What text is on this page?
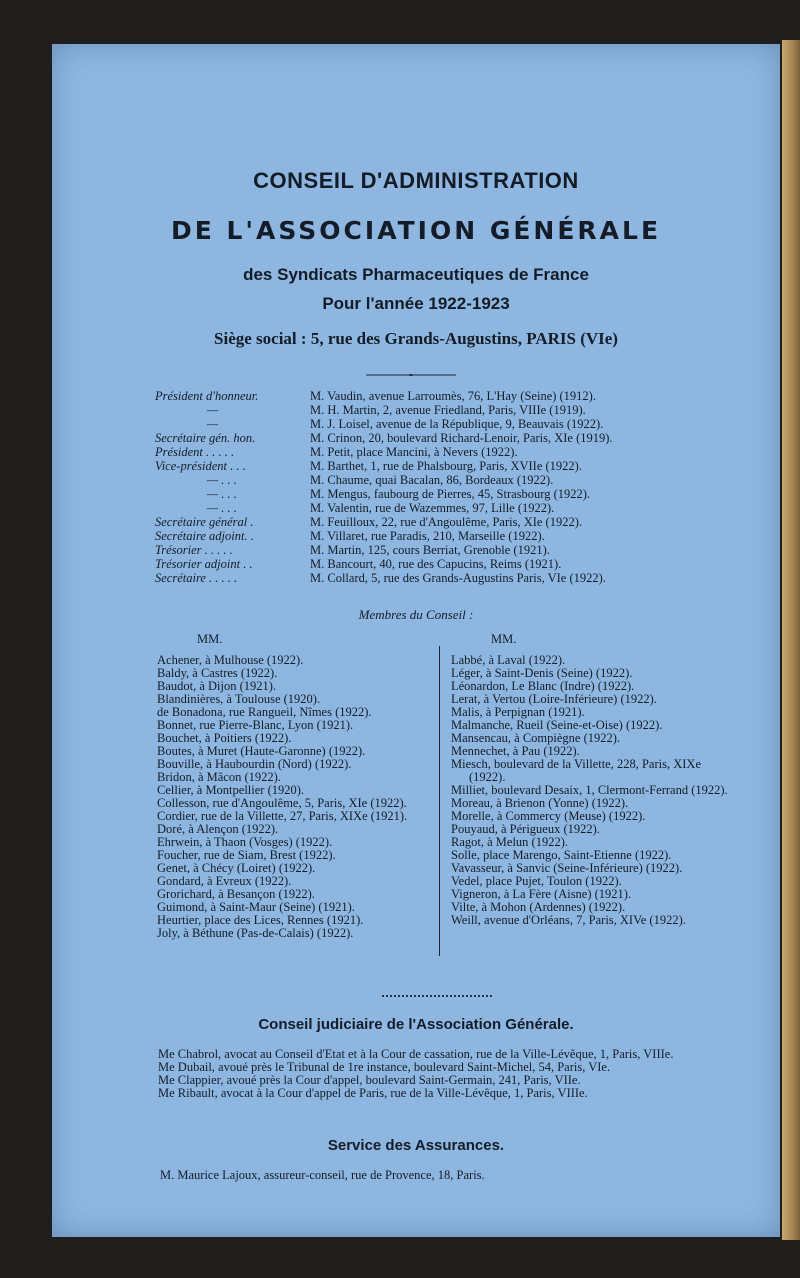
CONSEIL D'ADMINISTRATION
DE L'ASSOCIATION GÉNÉRALE
des Syndicats Pharmaceutiques de France
Pour l'année 1922-1923
Siège social : 5, rue des Grands-Augustins, PARIS (VIe)
Président d'honneur.	M. Vaudin, avenue Larroumès, 76, L'Hay (Seine) (1912).
—	M. H. Martin, 2, avenue Friedland, Paris, VIIIe (1919).
—	M. J. Loisel, avenue de la République, 9, Beauvais (1922).
Secrétaire gén. hon.	M. Crinon, 20, boulevard Richard-Lenoir, Paris, XIe (1919).
Président . . . . .	M. Petit, place Mancini, à Nevers (1922).
Vice-président . . .	M. Barthet, 1, rue de Phalsbourg, Paris, XVIIe (1922).
— . . .	M. Chaume, quai Bacalan, 86, Bordeaux (1922).
— . . .	M. Mengus, faubourg de Pierres, 45, Strasbourg (1922).
— . . .	M. Valentin, rue de Wazemmes, 97, Lille (1922).
Secrétaire général .	M. Feuilloux, 22, rue d'Angoulême, Paris, XIe (1922).
Secrétaire adjoint. .	M. Villaret, rue Paradis, 210, Marseille (1922).
Trésorier . . . . .	M. Martin, 125, cours Berriat, Grenoble (1921).
Trésorier adjoint . .	M. Bancourt, 40, rue des Capucins, Reims (1921).
Secrétaire . . . . .	M. Collard, 5, rue des Grands-Augustins Paris, VIe (1922).
Membres du Conseil :
MM.

Achener, à Mulhouse (1922).

Baldy, à Castres (1922).

Baudot, à Dijon (1921).

Blandinières, à Toulouse (1920).

de Bonadona, rue Rangueil, Nîmes (1922).

Bonnet, rue Pierre-Blanc, Lyon (1921).

Bouchet, à Poitiers (1922).

Boutes, à Muret (Haute-Garonne) (1922).

Bouville, à Haubourdin (Nord) (1922).

Bridon, à Mâcon (1922).

Cellier, à Montpellier (1920).

Collesson, rue d'Angoulême, 5, Paris, XIe (1922).

Cordier, rue de la Villette, 27, Paris, XIXe (1921).

Doré, à Alençon (1922).

Ehrwein, à Thaon (Vosges) (1922).

Foucher, rue de Siam, Brest (1922).

Genet, à Chécy (Loiret) (1922).

Gondard, à Evreux (1922).

Grorichard, à Besançon (1922).

Guimond, à Saint-Maur (Seine) (1921).

Heurtier, place des Lices, Rennes (1921).

Joly, à Béthune (Pas-de-Calais) (1922).

MM.

Labbé, à Laval (1922).

Léger, à Saint-Denis (Seine) (1922).

Léonardon, Le Blanc (Indre) (1922).

Lerat, à Vertou (Loire-Inférieure) (1922).

Malis, à Perpignan (1921).

Malmanche, Rueil (Seine-et-Oise) (1922).

Mansencau, à Compiègne (1922).

Mennechet, à Pau (1922).

Miesch, boulevard de la Villette, 228, Paris, XIXe (1922).

Milliet, boulevard Desaix, 1, Clermont-Ferrand (1922).

Moreau, à Brienon (Yonne) (1922).

Morelle, à Commercy (Meuse) (1922).

Pouyaud, à Périgueux (1922).

Ragot, à Melun (1922).

Solle, place Marengo, Saint-Etienne (1922).

Vavasseur, à Sanvic (Seine-Inférieure) (1922).

Vedel, place Pujet, Toulon (1922).

Vigneron, à La Fère (Aisne) (1921).

Vilte, à Mohon (Ardennes) (1922).

Weill, avenue d'Orléans, 7, Paris, XIVe (1922).

Conseil judiciaire de l'Association Générale.

Me Chabrol, avocat au Conseil d'Etat et à la Cour de cassation, rue de la Ville-Lévêque, 1, Paris, VIIIe.

Me Dubail, avoué près le Tribunal de 1re instance, boulevard Saint-Michel, 54, Paris, VIe.

Me Clappier, avoué près la Cour d'appel, boulevard Saint-Germain, 241, Paris, VIIe.

Me Ribault, avocat à la Cour d'appel de Paris, rue de la Ville-Lévêque, 1, Paris, VIIIe.

Service des Assurances.
M. Maurice Lajoux, assureur-conseil, rue de Provence, 18, Paris.
